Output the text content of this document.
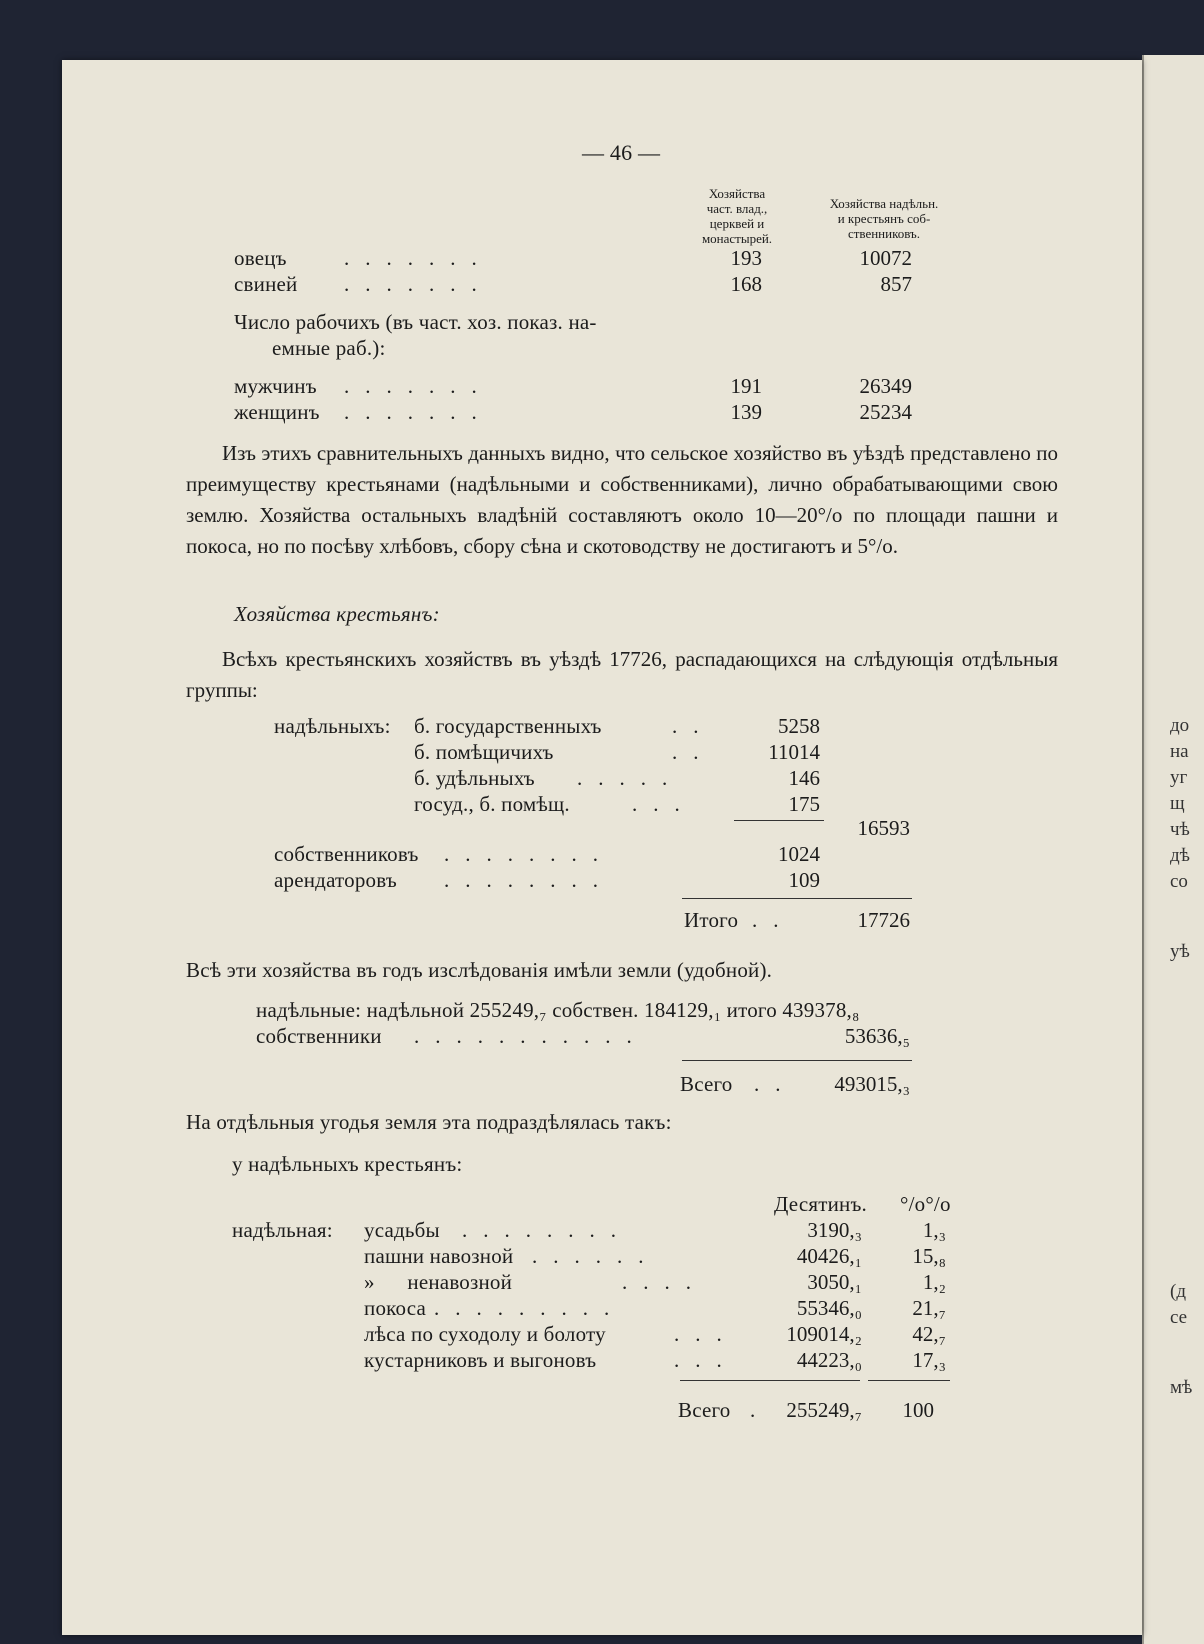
до
на
уг
щ
чѣ
дѣ
со
уѣ
(д
се
мѣ
— 46 —
Хозяйства
част. влад.,
церквей и
монастырей.
Хозяйства надѣльн.
и крестьянъ соб-
ственниковъ.
овецъ	.......	193	10072
свиней .......	168	857
Число рабочихъ (въ част. хоз. показ. на-
емные раб.):
мужчинъ .......	191	26349
женщинъ .......	139	25234
Изъ этихъ сравнительныхъ данныхъ видно, что сельское хозяйство въ уѣздѣ представлено по преимуществу крестьянами (надѣльными и собственниками), лично обрабатывающими свою землю. Хозяйства остальныхъ владѣній составляютъ около 10—20°/о по площади пашни и покоса, но по посѣву хлѣбовъ, сбору сѣна и скотоводству не достигаютъ и 5°/о.
Хозяйства крестьянъ:
Всѣхъ крестьянскихъ хозяйствъ въ уѣздѣ 17726, распадающихся на слѣдующія отдѣльныя группы:
надѣльныхъ: б. государственныхъ	..	5258
б. помѣщичихъ	..	11014
б. удѣльныхъ .....	146
госуд., б. помѣщ.	...	175
16593
собственниковъ ........	1024
арендаторовъ ........	109
Итого ..	17726
Всѣ эти хозяйства въ годъ изслѣдованія имѣли земли (удобной).
надѣльные: надѣльной 255249,₇ собствен. 184129,₁ итого 439378,₈
собственники ...........	53636,₅
Всего ..	493015,₃
На отдѣльныя угодья земля эта подраздѣлялась такъ:
у надѣльныхъ крестьянъ:
Десятинъ. °/о°/о
надѣльная: усадьбы ........	3190,₃	1,₃
пашни навозной ......	40426,₁	15,₈
»      ненавозной	....	3050,₁	1,₂
покоса .........	55346,₀	21,₇
лѣса по суходолу и болоту	...	109014,₂	42,₇
кустарниковъ и выгоновъ	...	44223,₀	17,₃
Всего . 255249,₇	100
